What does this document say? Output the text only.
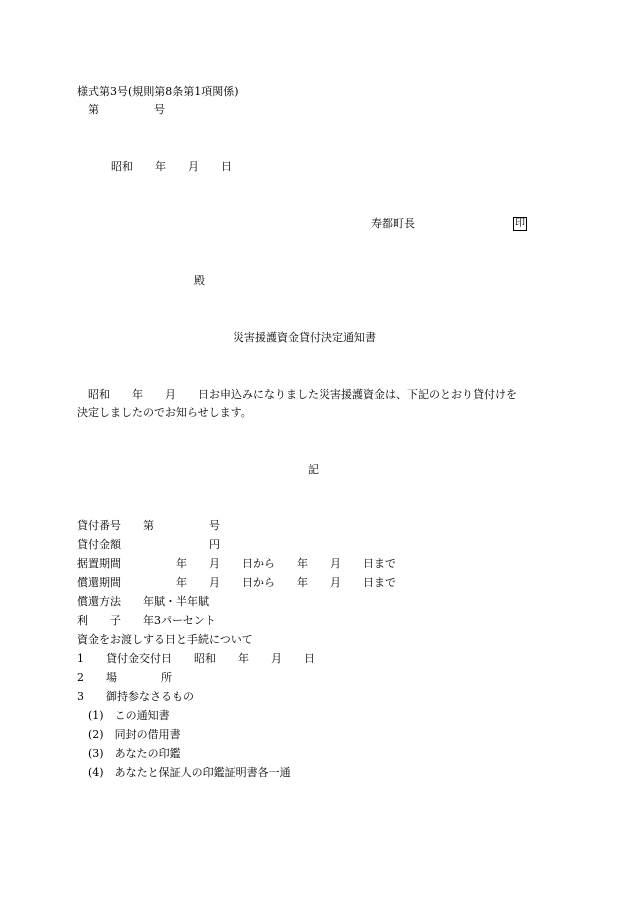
様式第3号(規則第8条第1項関係)
第　　　　　号
昭和　　年　　月　　日
寿都町長	印
殿
災害援護資金貸付決定通知書
昭和　　年　　月　　日お申込みになりました災害援護資金は、下記のとおり貸付けを
決定しましたのでお知らせします。
記
貸付番号　　第　　　　　号
貸付金額　　　　　　　　円
据置期間　　　　　年　　月　　日から　　年　　月　　日まで
償還期間　　　　　年　　月　　日から　　年　　月　　日まで
償還方法　　年賦・半年賦
利　　子　　年3パーセント
資金をお渡しする日と手続について
1　　貸付金交付日　　昭和　　年　　月　　日
2　　場　　　　所
3　　御持参なさるもの
(1)　この通知書
(2)　同封の借用書
(3)　あなたの印鑑
(4)　あなたと保証人の印鑑証明書各一通
